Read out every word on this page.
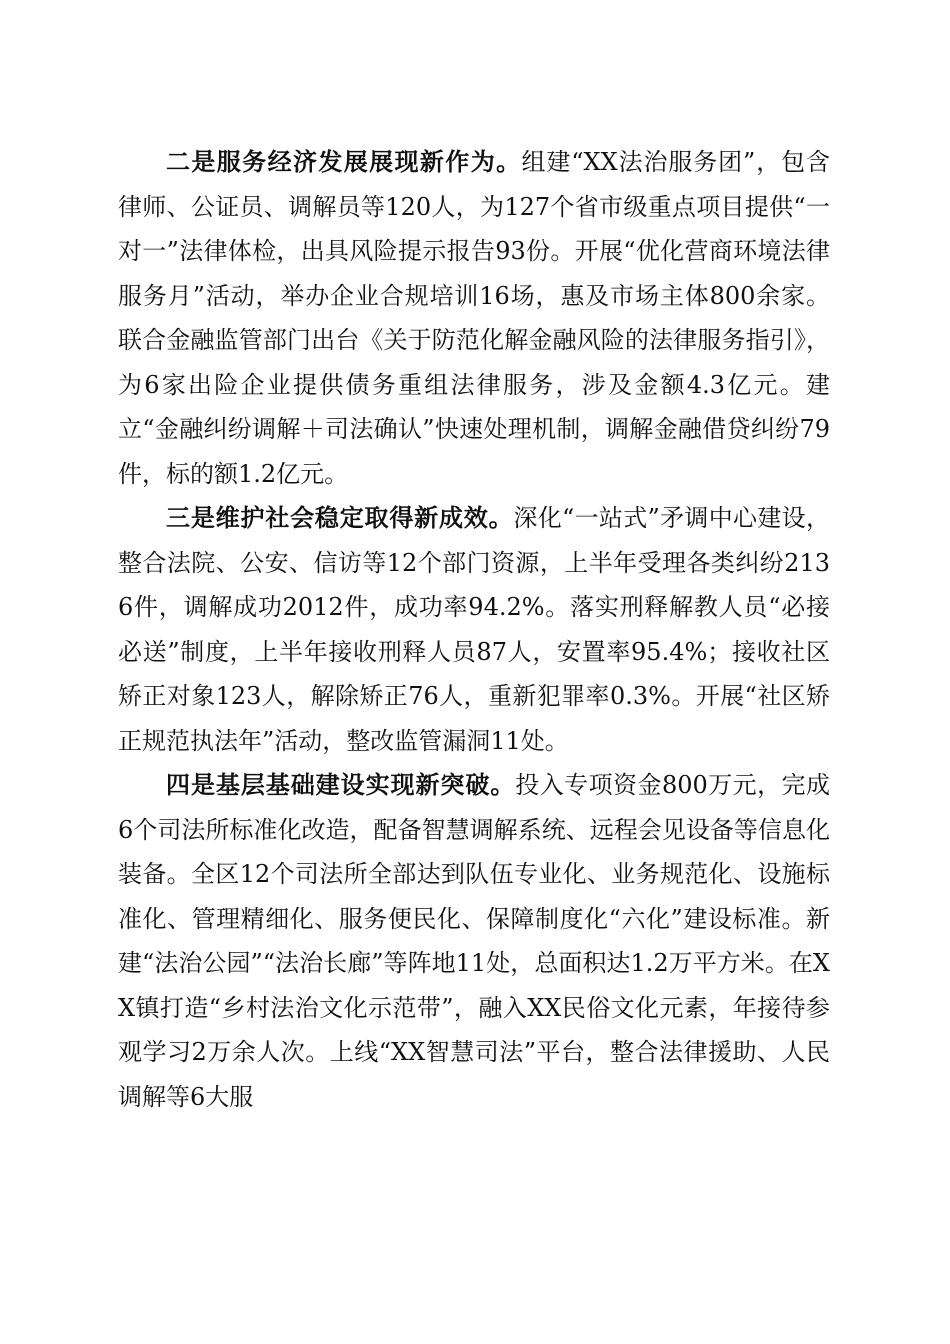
二是服务经济发展展现新作为。组建“XX法治服务团”，包含律师、公证员、调解员等120人，为127个省市级重点项目提供“一对一”法律体检，出具风险提示报告93份。开展“优化营商环境法律服务月”活动，举办企业合规培训16场，惠及市场主体800余家。联合金融监管部门出台《关于防范化解金融风险的法律服务指引》，为6家出险企业提供债务重组法律服务，涉及金额4.3亿元。建立“金融纠纷调解＋司法确认”快速处理机制，调解金融借贷纠纷79件，标的额1.2亿元。

三是维护社会稳定取得新成效。深化“一站式”矛调中心建设，整合法院、公安、信访等12个部门资源，上半年受理各类纠纷2136件，调解成功2012件，成功率94.2%。落实刑释解教人员“必接必送”制度，上半年接收刑释人员87人，安置率95.4%；接收社区矫正对象123人，解除矫正76人，重新犯罪率0.3%。开展“社区矫正规范执法年”活动，整改监管漏洞11处。

四是基层基础建设实现新突破。投入专项资金800万元，完成6个司法所标准化改造，配备智慧调解系统、远程会见设备等信息化装备。全区12个司法所全部达到队伍专业化、业务规范化、设施标准化、管理精细化、服务便民化、保障制度化“六化”建设标准。新建“法治公园”“法治长廊”等阵地11处，总面积达1.2万平方米。在XX镇打造“乡村法治文化示范带”，融入XX民俗文化元素，年接待参观学习2万余人次。上线“XX智慧司法”平台，整合法律援助、人民调解等6大服
